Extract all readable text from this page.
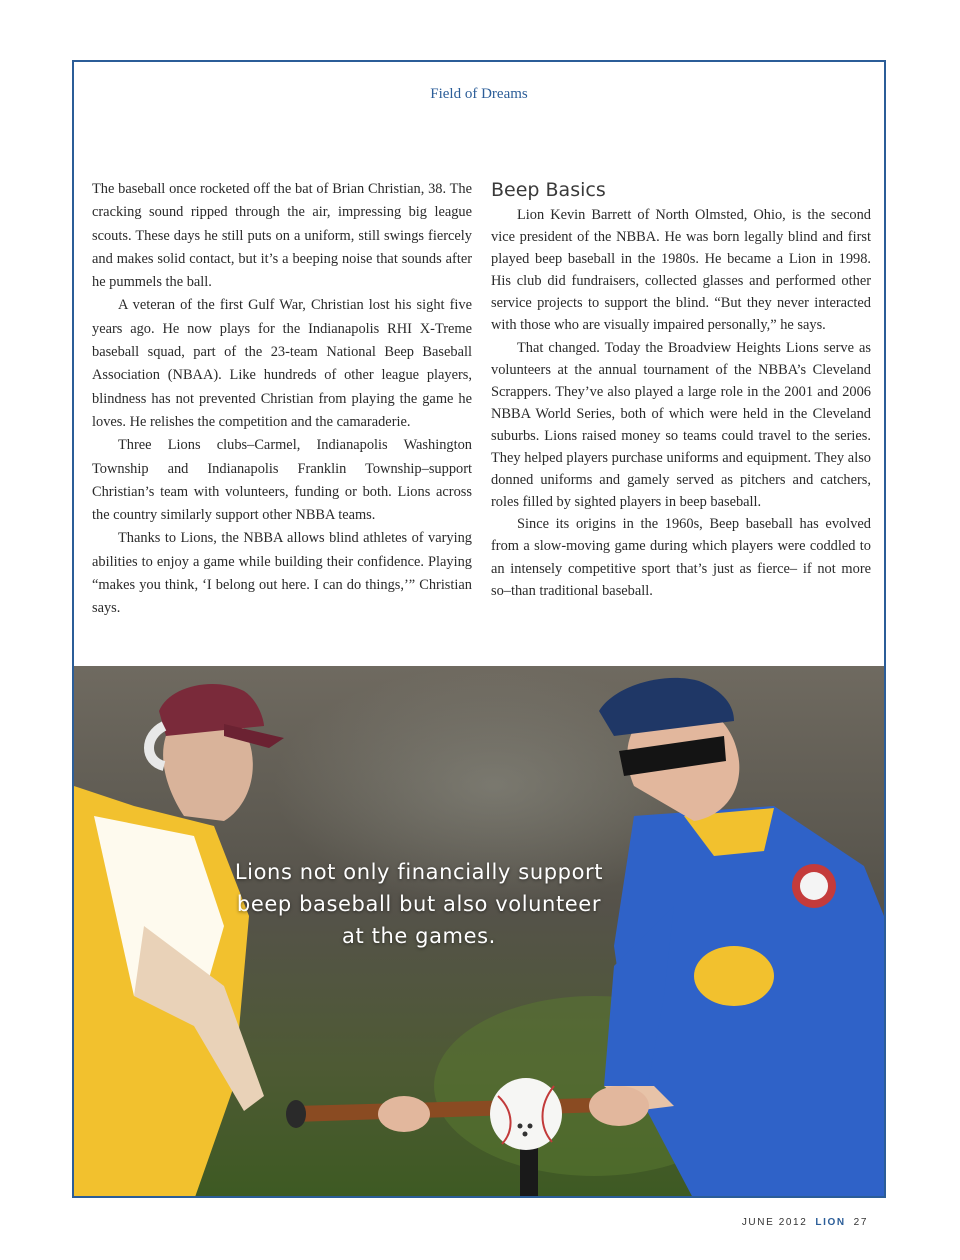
Field of Dreams

The baseball once rocketed off the bat of Brian Christian, 38. The cracking sound ripped through the air, impressing big league scouts. These days he still puts on a uniform, still swings fiercely and makes solid contact, but it’s a beeping noise that sounds after he pummels the ball.

A veteran of the first Gulf War, Christian lost his sight five years ago. He now plays for the Indianapolis RHI X-Treme baseball squad, part of the 23-team National Beep Baseball Association (NBAA). Like hundreds of other league players, blindness has not prevented Christian from playing the game he loves. He relishes the competition and the camaraderie.

Three Lions clubs–Carmel, Indianapolis Washington Township and Indianapolis Franklin Township–support Christian’s team with volunteers, funding or both. Lions across the country similarly support other NBBA teams.

Thanks to Lions, the NBBA allows blind athletes of varying abilities to enjoy a game while building their confidence. Playing “makes you think, ‘I belong out here. I can do things,’” Christian says.

Beep Basics

Lion Kevin Barrett of North Olmsted, Ohio, is the second vice president of the NBBA. He was born legally blind and first played beep baseball in the 1980s. He became a Lion in 1998. His club did fundraisers, collected glasses and performed other service projects to support the blind. “But they never interacted with those who are visually impaired personally,” he says.

That changed. Today the Broadview Heights Lions serve as volunteers at the annual tournament of the NBBA’s Cleveland Scrappers. They’ve also played a large role in the 2001 and 2006 NBBA World Series, both of which were held in the Cleveland suburbs. Lions raised money so teams could travel to the series. They helped players purchase uniforms and equipment. They also donned uniforms and gamely served as pitchers and catchers, roles filled by sighted players in beep baseball.

Since its origins in the 1960s, Beep baseball has evolved from a slow-moving game during which players were coddled to an intensely competitive sport that’s just as fierce– if not more so–than traditional baseball.

Lions not only financially support beep baseball but also volunteer at the games.
JUNE 2012 LION 27
